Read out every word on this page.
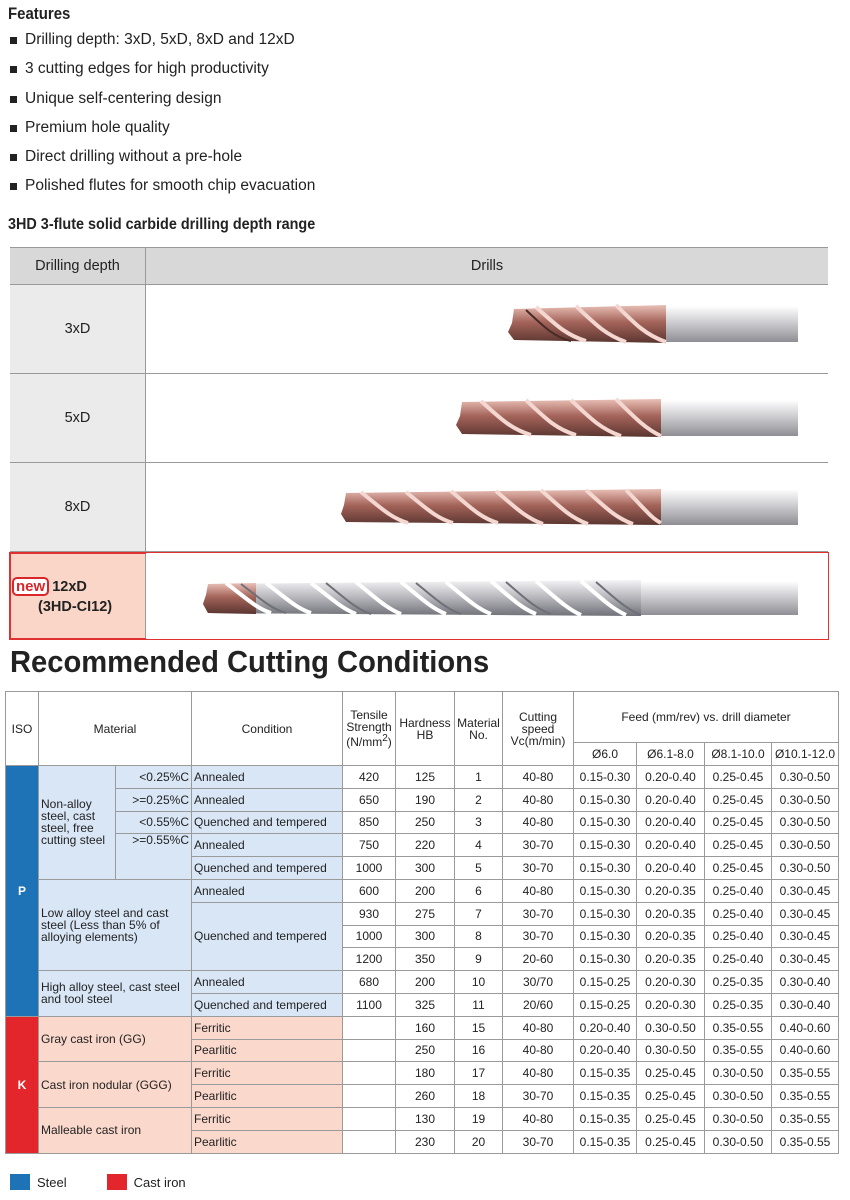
Features
Drilling depth: 3xD, 5xD, 8xD and 12xD
3 cutting edges for high productivity
Unique self-centering design
Premium hole quality
Direct drilling without a pre-hole
Polished flutes for smooth chip evacuation
3HD 3-flute solid carbide drilling depth range
Drilling depth	Drills
3xD
5xD
8xD
new 12xD
(3HD-CI12)
Recommended Cutting Conditions
ISO	Material		Condition	Tensile Strength $(N/mm^2)$	Hardness HB	Material No.	Cutting speed Vc(m/min)	Feed (mm/rev) vs. drill diameter			
								Ø6.0	Ø6.1-8.0	Ø8.1-10.0	Ø10.1-12.0
P	Non-alloy steel, cast steel, free cutting steel	<0.25%C	Annealed	420	125	1	40-80	0.15-0.30	0.20-0.40	0.25-0.45	0.30-0.50
		>=0.25%C	Annealed	650	190	2	40-80	0.15-0.30	0.20-0.40	0.25-0.45	0.30-0.50
		<0.55%C	Quenched and tempered	850	250	3	40-80	0.15-0.30	0.20-0.40	0.25-0.45	0.30-0.50
		>=0.55%C	Annealed	750	220	4	30-70	0.15-0.30	0.20-0.40	0.25-0.45	0.30-0.50
			Quenched and tempered	1000	300	5	30-70	0.15-0.30	0.20-0.40	0.25-0.45	0.30-0.50
	Low alloy steel and cast steel (Less than 5% of alloying elements)		Annealed	600	200	6	40-80	0.15-0.30	0.20-0.35	0.25-0.40	0.30-0.45
			Quenched and tempered	930	275	7	30-70	0.15-0.30	0.20-0.35	0.25-0.40	0.30-0.45
				1000	300	8	30-70	0.15-0.30	0.20-0.35	0.25-0.40	0.30-0.45
				1200	350	9	20-60	0.15-0.30	0.20-0.35	0.25-0.40	0.30-0.45
	High alloy steel, cast steel and tool steel		Annealed	680	200	10	30/70	0.15-0.25	0.20-0.30	0.25-0.35	0.30-0.40
			Quenched and tempered	1100	325	11	20/60	0.15-0.25	0.20-0.30	0.25-0.35	0.30-0.40
K	Gray cast iron (GG)		Ferritic		160	15	40-80	0.20-0.40	0.30-0.50	0.35-0.55	0.40-0.60
			Pearlitic		250	16	40-80	0.20-0.40	0.30-0.50	0.35-0.55	0.40-0.60
	Cast iron nodular (GGG)		Ferritic		180	17	40-80	0.15-0.35	0.25-0.45	0.30-0.50	0.35-0.55
			Pearlitic		260	18	30-70	0.15-0.35	0.25-0.45	0.30-0.50	0.35-0.55
	Malleable cast iron		Ferritic		130	19	40-80	0.15-0.35	0.25-0.45	0.30-0.50	0.35-0.55
			Pearlitic		230	20	30-70	0.15-0.35	0.25-0.45	0.30-0.50	0.35-0.55
Steel	Cast iron
